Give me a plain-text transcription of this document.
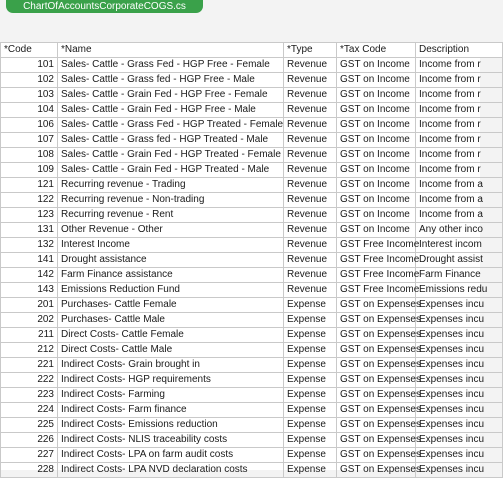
ChartOfAccountsCorporateCOGS.cs
*Code	*Name	*Type	*Tax Code	Description
101	Sales- Cattle - Grass Fed - HGP Free - Female	Revenue	GST on Income	Income from r
102	Sales- Cattle - Grass fed - HGP Free - Male	Revenue	GST on Income	Income from r
103	Sales- Cattle - Grain Fed - HGP Free - Female	Revenue	GST on Income	Income from r
104	Sales- Cattle - Grain Fed - HGP Free - Male	Revenue	GST on Income	Income from r
106	Sales- Cattle - Grass Fed - HGP Treated - Female	Revenue	GST on Income	Income from r
107	Sales- Cattle - Grass fed - HGP Treated - Male	Revenue	GST on Income	Income from r
108	Sales- Cattle - Grain Fed - HGP Treated - Female	Revenue	GST on Income	Income from r
109	Sales- Cattle - Grain Fed - HGP Treated - Male	Revenue	GST on Income	Income from r
121	Recurring revenue - Trading	Revenue	GST on Income	Income from a
122	Recurring revenue - Non-trading	Revenue	GST on Income	Income from a
123	Recurring revenue - Rent	Revenue	GST on Income	Income from a
131	Other Revenue - Other	Revenue	GST on Income	Any other inco
132	Interest Income	Revenue	GST Free Income	Interest incom
141	Drought assistance	Revenue	GST Free Income	Drought assist
142	Farm Finance assistance	Revenue	GST Free Income	Farm Finance
143	Emissions Reduction Fund	Revenue	GST Free Income	Emissions redu
201	Purchases- Cattle Female	Expense	GST on Expenses	Expenses incu
202	Purchases- Cattle Male	Expense	GST on Expenses	Expenses incu
211	Direct Costs- Cattle Female	Expense	GST on Expenses	Expenses incu
212	Direct Costs- Cattle Male	Expense	GST on Expenses	Expenses incu
221	Indirect Costs- Grain brought in	Expense	GST on Expenses	Expenses incu
222	Indirect Costs- HGP requirements	Expense	GST on Expenses	Expenses incu
223	Indirect Costs- Farming	Expense	GST on Expenses	Expenses incu
224	Indirect Costs- Farm finance	Expense	GST on Expenses	Expenses incu
225	Indirect Costs- Emissions reduction	Expense	GST on Expenses	Expenses incu
226	Indirect Costs- NLIS traceability costs	Expense	GST on Expenses	Expenses incu
227	Indirect Costs- LPA on farm audit costs	Expense	GST on Expenses	Expenses incu
228	Indirect Costs- LPA NVD declaration costs	Expense	GST on Expenses	Expenses incu
